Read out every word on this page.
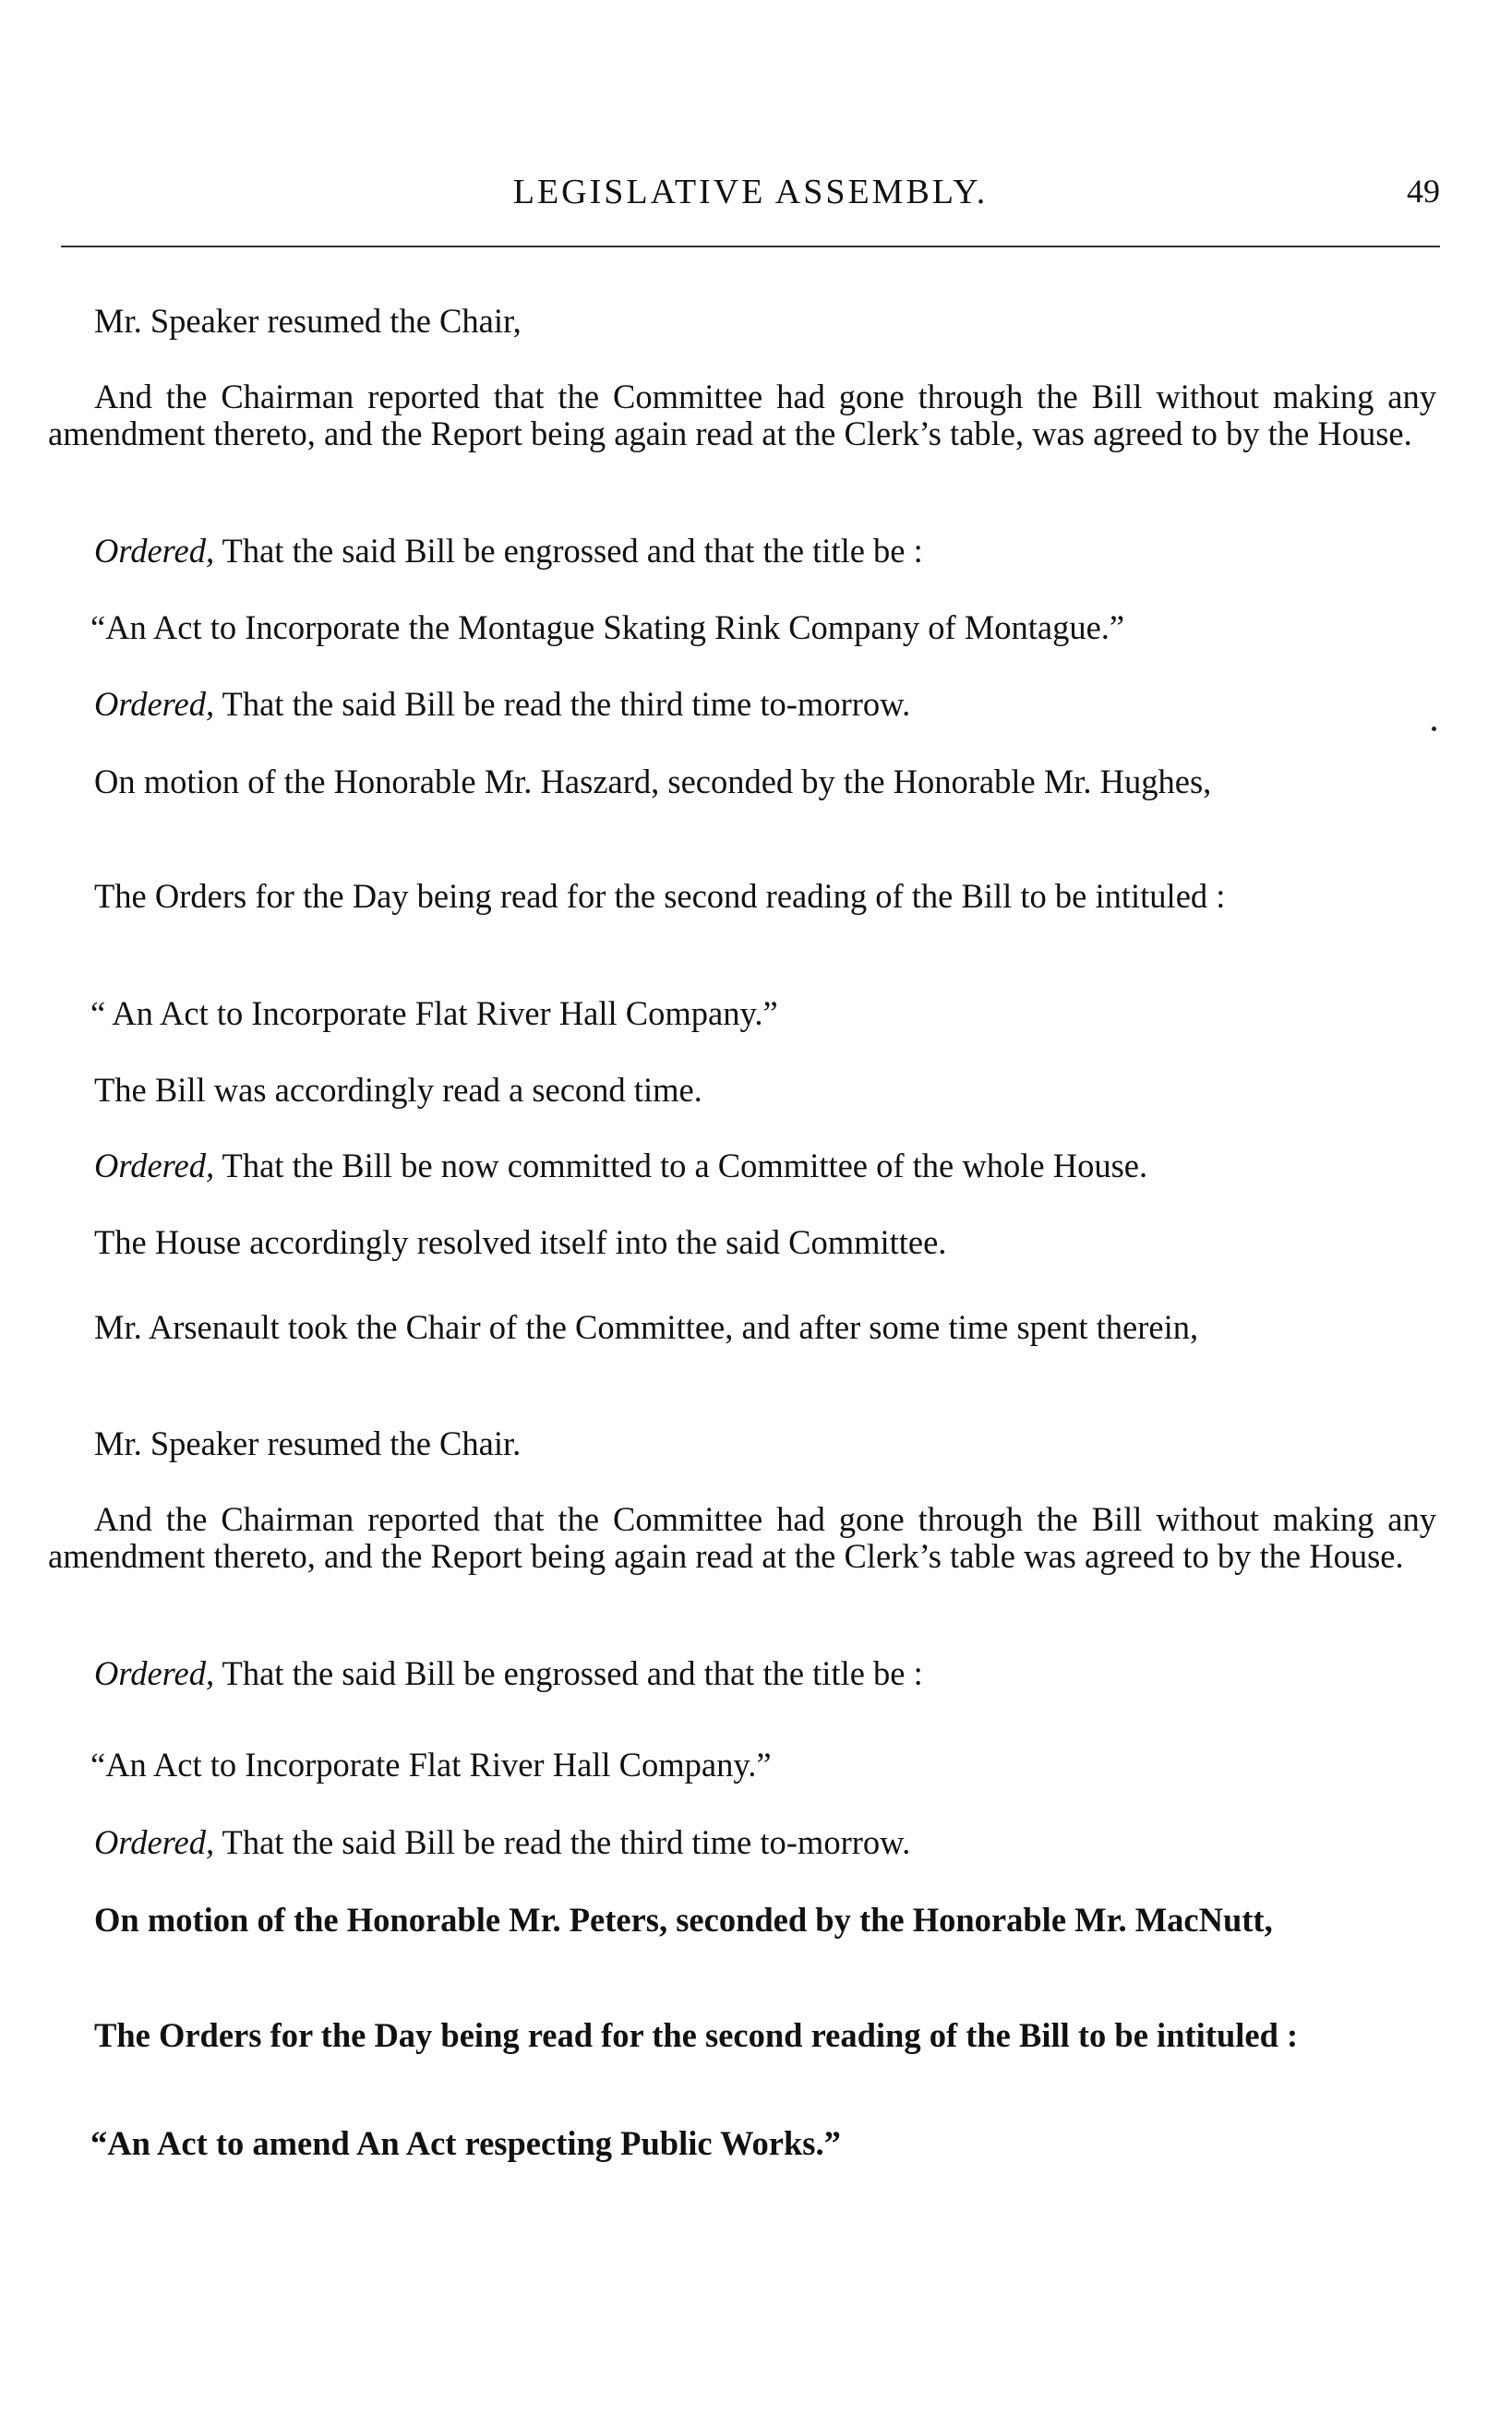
LEGISLATIVE ASSEMBLY.	49

Mr. Speaker resumed the Chair,

And the Chairman reported that the Committee had gone through the Bill without making any amendment thereto, and the Report being again read at the Clerk’s table, was agreed to by the House.

Ordered, That the said Bill be engrossed and that the title be :

“An Act to Incorporate the Montague Skating Rink Company of Montague.”

Ordered, That the said Bill be read the third time to-morrow.

On motion of the Honorable Mr. Haszard, seconded by the Honorable Mr. Hughes,

The Orders for the Day being read for the second reading of the Bill to be intituled :

“ An Act to Incorporate Flat River Hall Company.”

The Bill was accordingly read a second time.

Ordered, That the Bill be now committed to a Committee of the whole House.

The House accordingly resolved itself into the said Committee.

Mr. Arsenault took the Chair of the Committee, and after some time spent therein,

Mr. Speaker resumed the Chair.

And the Chairman reported that the Committee had gone through the Bill without making any amendment thereto, and the Report being again read at the Clerk’s table was agreed to by the House.

Ordered, That the said Bill be engrossed and that the title be :

“An Act to Incorporate Flat River Hall Company.”

Ordered, That the said Bill be read the third time to-morrow.

On motion of the Honorable Mr. Peters, seconded by the Honorable Mr. MacNutt,

The Orders for the Day being read for the second reading of the Bill to be intituled :

“An Act to amend An Act respecting Public Works.”
